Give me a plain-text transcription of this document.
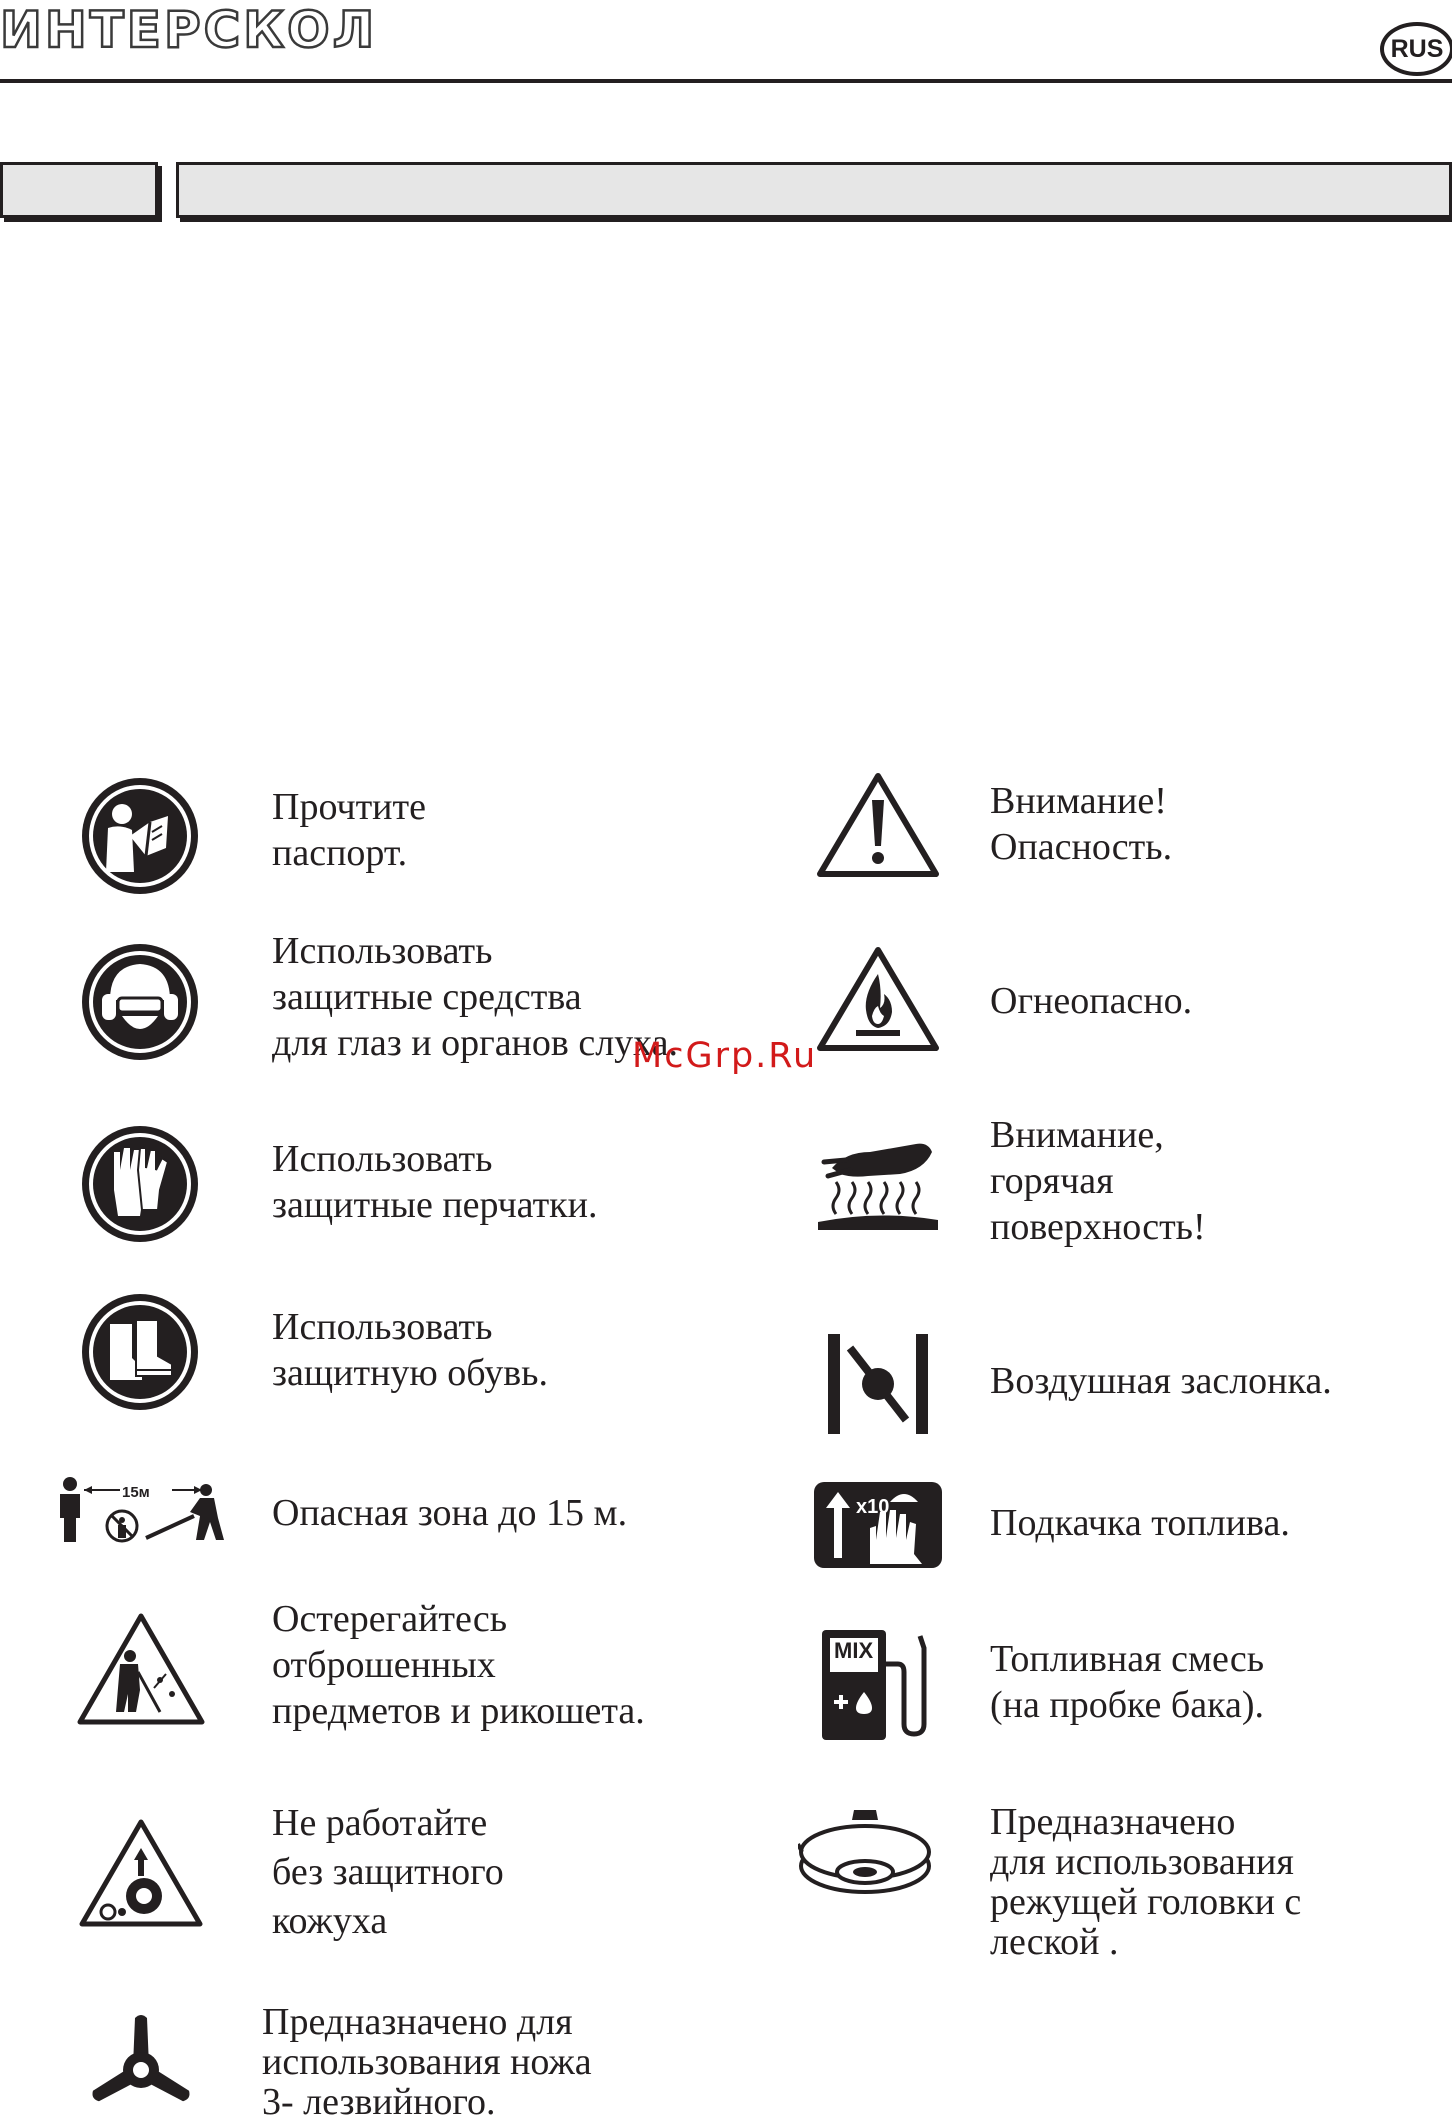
ИНТЕРСКОЛ	RUS
Прочтите
паспорт.
Использовать
защитные средства
для глаз и органов слуха.
Использовать
защитные перчатки.
Использовать
защитную обувь.
15м	Опасная зона до 15 м.
Остерегайтесь
отброшенных
предметов и рикошета.
Не работайте
без защитного
кожуха
Предназначено для
использования ножа
3- лезвийного.
Внимание!
Опасность.
Огнеопасно.
Внимание,
горячая
поверхность!
Воздушная заслонка.
x10	Подкачка топлива.
MIX	Топливная смесь
(на пробке бака).
Предназначено
для использования
режущей головки с
леской .
McGrp.Ru
